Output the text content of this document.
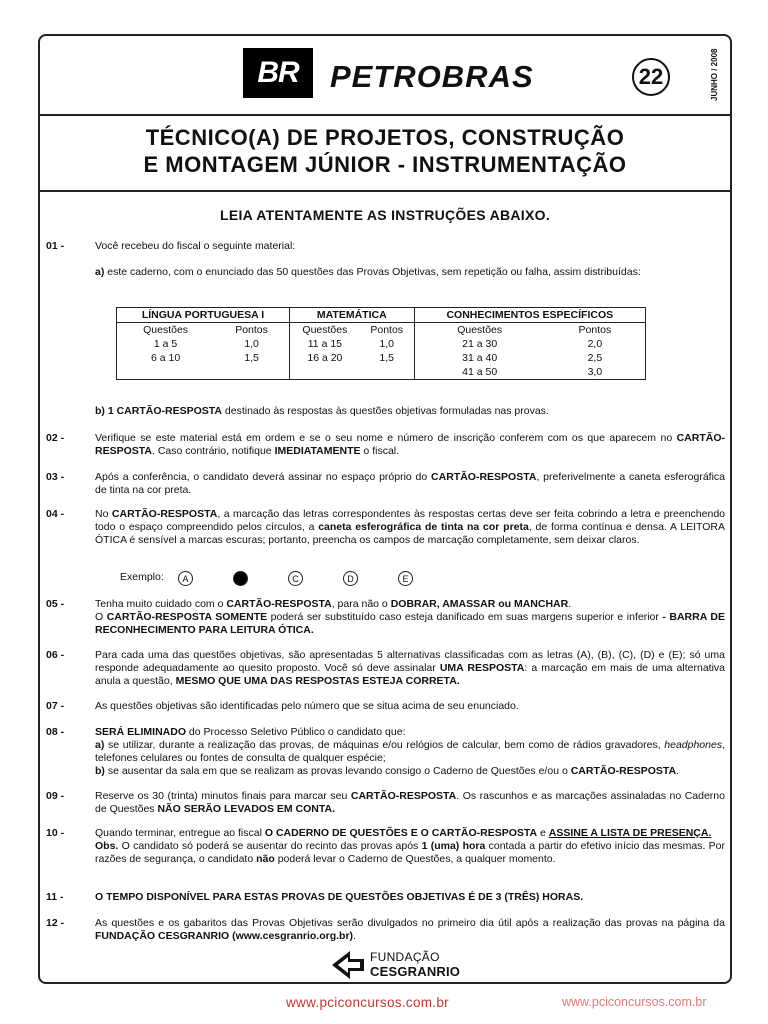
BR PETROBRAS	22	JUNHO / 2008
TÉCNICO(A) DE PROJETOS, CONSTRUÇÃO
E MONTAGEM JÚNIOR - INSTRUMENTAÇÃO
LEIA ATENTAMENTE AS INSTRUÇÕES ABAIXO.
01 -	Você recebeu do fiscal o seguinte material:
a) este caderno, com o enunciado das 50 questões das Provas Objetivas, sem repetição ou falha, assim distribuídas:
LÍNGUA PORTUGUESA I		MATEMÁTICA		CONHECIMENTOS ESPECÍFICOS	
Questões	Pontos	Questões	Pontos	Questões	Pontos
1 a 5	1,0	11 a 15	1,0	21 a 30	2,0
6 a 10	1,5	16 a 20	1,5	31 a 40	2,5
				41 a 50	3,0
b) 1 CARTÃO-RESPOSTA destinado às respostas às questões objetivas formuladas nas provas.
02 -	Verifique se este material está em ordem e se o seu nome e número de inscrição conferem com os que aparecem no CARTÃO-RESPOSTA. Caso contrário, notifique IMEDIATAMENTE o fiscal.
03 -	Após a conferência, o candidato deverá assinar no espaço próprio do CARTÃO-RESPOSTA, preferivelmente a caneta esferográfica de tinta na cor preta.
04 -	No CARTÃO-RESPOSTA, a marcação das letras correspondentes às respostas certas deve ser feita cobrindo a letra e preenchendo todo o espaço compreendido pelos círculos, a caneta esferográfica de tinta na cor preta, de forma contínua e densa. A LEITORA ÓTICA é sensível a marcas escuras; portanto, preencha os campos de marcação completamente, sem deixar claros.
Exemplo:	A	C	D	E
05 -	Tenha muito cuidado com o CARTÃO-RESPOSTA, para não o DOBRAR, AMASSAR ou MANCHAR.
O CARTÃO-RESPOSTA SOMENTE poderá ser substituído caso esteja danificado em suas margens superior e inferior - BARRA DE RECONHECIMENTO PARA LEITURA ÓTICA.
06 -	Para cada uma das questões objetivas, são apresentadas 5 alternativas classificadas com as letras (A), (B), (C), (D) e (E); só uma responde adequadamente ao quesito proposto. Você só deve assinalar UMA RESPOSTA: a marcação em mais de uma alternativa anula a questão, MESMO QUE UMA DAS RESPOSTAS ESTEJA CORRETA.
07 -	As questões objetivas são identificadas pelo número que se situa acima de seu enunciado.
08 -	SERÁ ELIMINADO do Processo Seletivo Público o candidato que:
a) se utilizar, durante a realização das provas, de máquinas e/ou relógios de calcular, bem como de rádios gravadores, headphones, telefones celulares ou fontes de consulta de qualquer espécie;
b) se ausentar da sala em que se realizam as provas levando consigo o Caderno de Questões e/ou o CARTÃO-RESPOSTA.
09 -	Reserve os 30 (trinta) minutos finais para marcar seu CARTÃO-RESPOSTA. Os rascunhos e as marcações assinaladas no Caderno de Questões NÃO SERÃO LEVADOS EM CONTA.
10 -	Quando terminar, entregue ao fiscal O CADERNO DE QUESTÕES E O CARTÃO-RESPOSTA e ASSINE A LISTA DE PRESENÇA.
Obs. O candidato só poderá se ausentar do recinto das provas após 1 (uma) hora contada a partir do efetivo início das mesmas. Por razões de segurança, o candidato não poderá levar o Caderno de Questões, a qualquer momento.
11 -	O TEMPO DISPONÍVEL PARA ESTAS PROVAS DE QUESTÕES OBJETIVAS É DE 3 (TRÊS) HORAS.
12 -	As questões e os gabaritos das Provas Objetivas serão divulgados no primeiro dia útil após a realização das provas na página da FUNDAÇÃO CESGRANRIO (www.cesgranrio.org.br).
FUNDAÇÃO
CESGRANRIO
www.pciconcursos.com.br	www.pciconcursos.com.br
